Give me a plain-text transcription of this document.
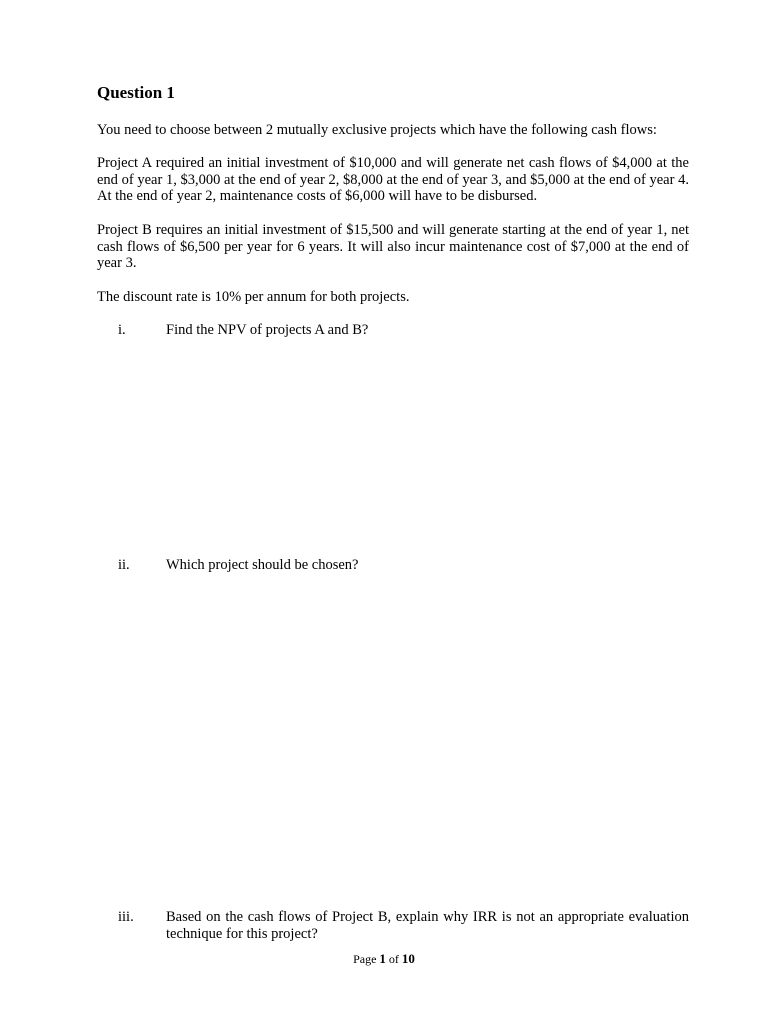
Question 1

You need to choose between 2 mutually exclusive projects which have the following cash flows:

Project A required an initial investment of $10,000 and will generate net cash flows of $4,000 at the end of year 1, $3,000 at the end of year 2, $8,000 at the end of year 3, and $5,000 at the end of year 4. At the end of year 2, maintenance costs of $6,000 will have to be disbursed.

Project B requires an initial investment of $15,500 and will generate starting at the end of year 1, net cash flows of $6,500 per year for 6 years. It will also incur maintenance cost of $7,000 at the end of year 3.

The discount rate is 10% per annum for both projects.

i.	Find the NPV of projects A and B?
ii.	Which project should be chosen?
iii. Based on the cash flows of Project B, explain why IRR is not an appropriate evaluation technique for this project?
Page 1 of 10
